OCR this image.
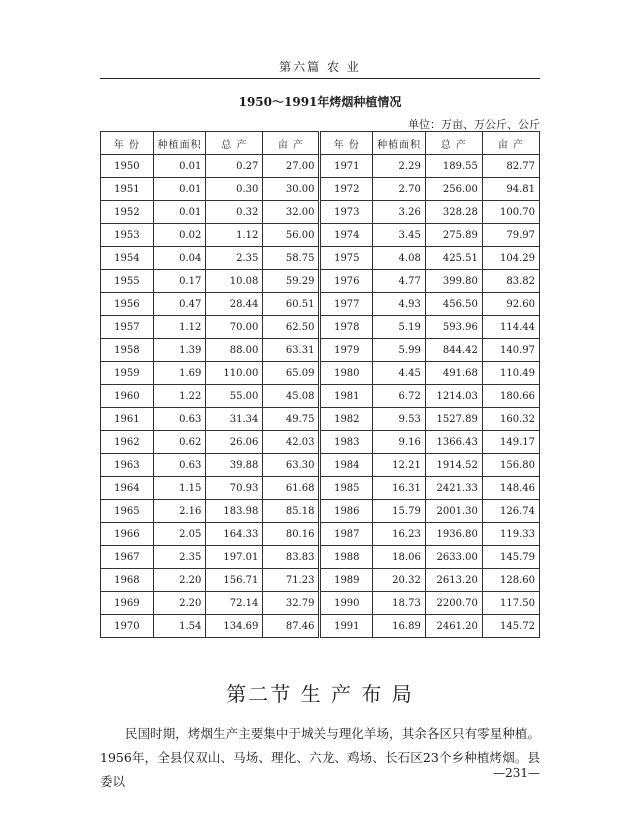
第六篇 农 业
1950～1991年烤烟种植情况
单位：万亩、万公斤、公斤
年 份	种植面积	总 产	亩 产	年 份	种植面积	总 产	亩 产
1950	0.01	0.27	27.00	1971	2.29	189.55	82.77
1951	0.01	0.30	30.00	1972	2.70	256.00	94.81
1952	0.01	0.32	32.00	1973	3.26	328.28	100.70
1953	0.02	1.12	56.00	1974	3.45	275.89	79.97
1954	0.04	2.35	58.75	1975	4.08	425.51	104.29
1955	0.17	10.08	59.29	1976	4.77	399.80	83.82
1956	0.47	28.44	60.51	1977	4.93	456.50	92.60
1957	1.12	70.00	62.50	1978	5.19	593.96	114.44
1958	1.39	88.00	63.31	1979	5.99	844.42	140.97
1959	1.69	110.00	65.09	1980	4.45	491.68	110.49
1960	1.22	55.00	45.08	1981	6.72	1214.03	180.66
1961	0.63	31.34	49.75	1982	9.53	1527.89	160.32
1962	0.62	26.06	42.03	1983	9.16	1366.43	149.17
1963	0.63	39.88	63.30	1984	12.21	1914.52	156.80
1964	1.15	70.93	61.68	1985	16.31	2421.33	148.46
1965	2.16	183.98	85.18	1986	15.79	2001.30	126.74
1966	2.05	164.33	80.16	1987	16.23	1936.80	119.33
1967	2.35	197.01	83.83	1988	18.06	2633.00	145.79
1968	2.20	156.71	71.23	1989	20.32	2613.20	128.60
1969	2.20	72.14	32.79	1990	18.73	2200.70	117.50
1970	1.54	134.69	87.46	1991	16.89	2461.20	145.72
第二节 生 产 布 局

民国时期，烤烟生产主要集中于城关与理化羊场，其余各区只有零星种植。1956年，全县仅双山、马场、理化、六龙、鸡场、长石区23个乡种植烤烟。县委以

—231—
